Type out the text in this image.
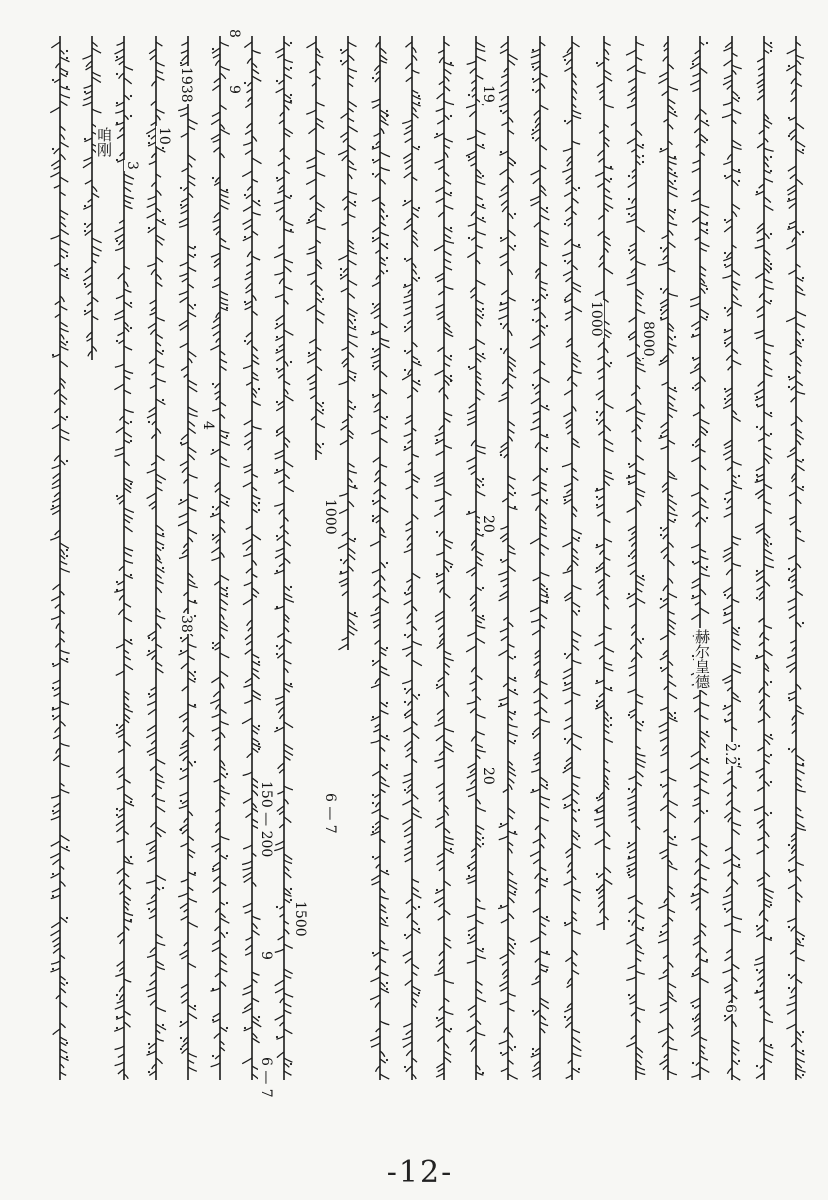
赫尔皇德
咱刚
2.2
6
8000
1000
10
3
19
20
20
1000
6 — 7
1500
6 — 7
150 — 200
9
8
9
4
38
1938
-12-
